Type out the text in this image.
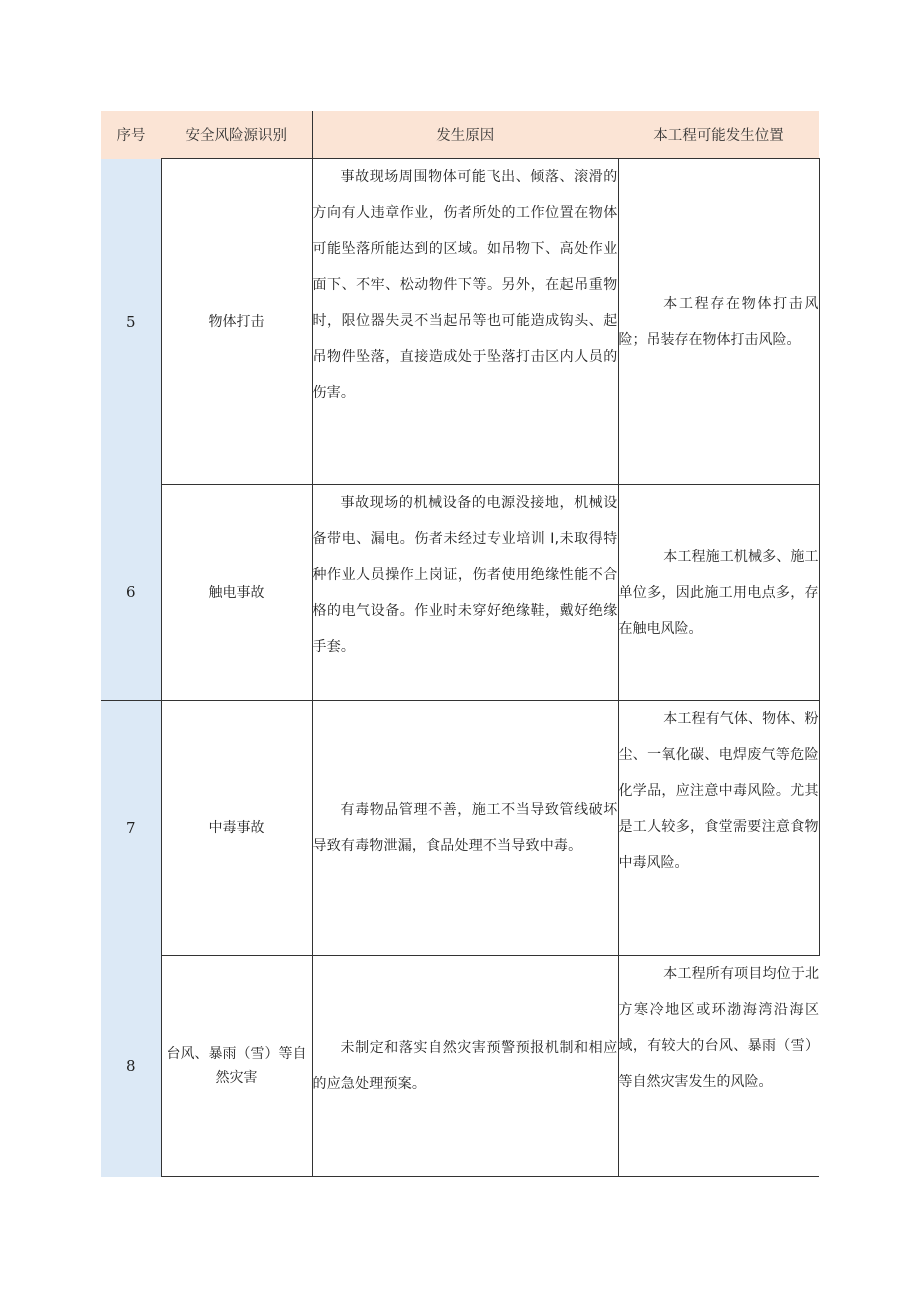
序号	安全风险源识别	发生原因	本工程可能发生位置
5	物体打击	事故现场周围物体可能飞出、倾落、滚滑的方向有人违章作业，伤者所处的工作位置在物体可能坠落所能达到的区域。如吊物下、高处作业面下、不牢、松动物件下等。另外，在起吊重物时，限位器失灵不当起吊等也可能造成钩头、起吊物件坠落，直接造成处于坠落打击区内人员的伤害。	本工程存在物体打击风险；吊装存在物体打击风险。
6	触电事故	事故现场的机械设备的电源没接地，机械设备带电、漏电。伤者未经过专业培训 I,未取得特种作业人员操作上岗证，伤者使用绝缘性能不合格的电气设备。作业时未穿好绝缘鞋，戴好绝缘手套。	本工程施工机械多、施工单位多，因此施工用电点多，存在触电风险。
7	中毒事故	有毒物品管理不善，施工不当导致管线破坏导致有毒物泄漏，食品处理不当导致中毒。	本工程有气体、物体、粉尘、一氧化碳、电焊废气等危险化学品，应注意中毒风险。尤其是工人较多，食堂需要注意食物中毒风险。
8	台风、暴雨（雪）等自然灾害	未制定和落实自然灾害预警预报机制和相应的应急处理预案。	本工程所有项目均位于北方寒冷地区或环渤海湾沿海区域，有较大的台风、暴雨（雪）等自然灾害发生的风险。
